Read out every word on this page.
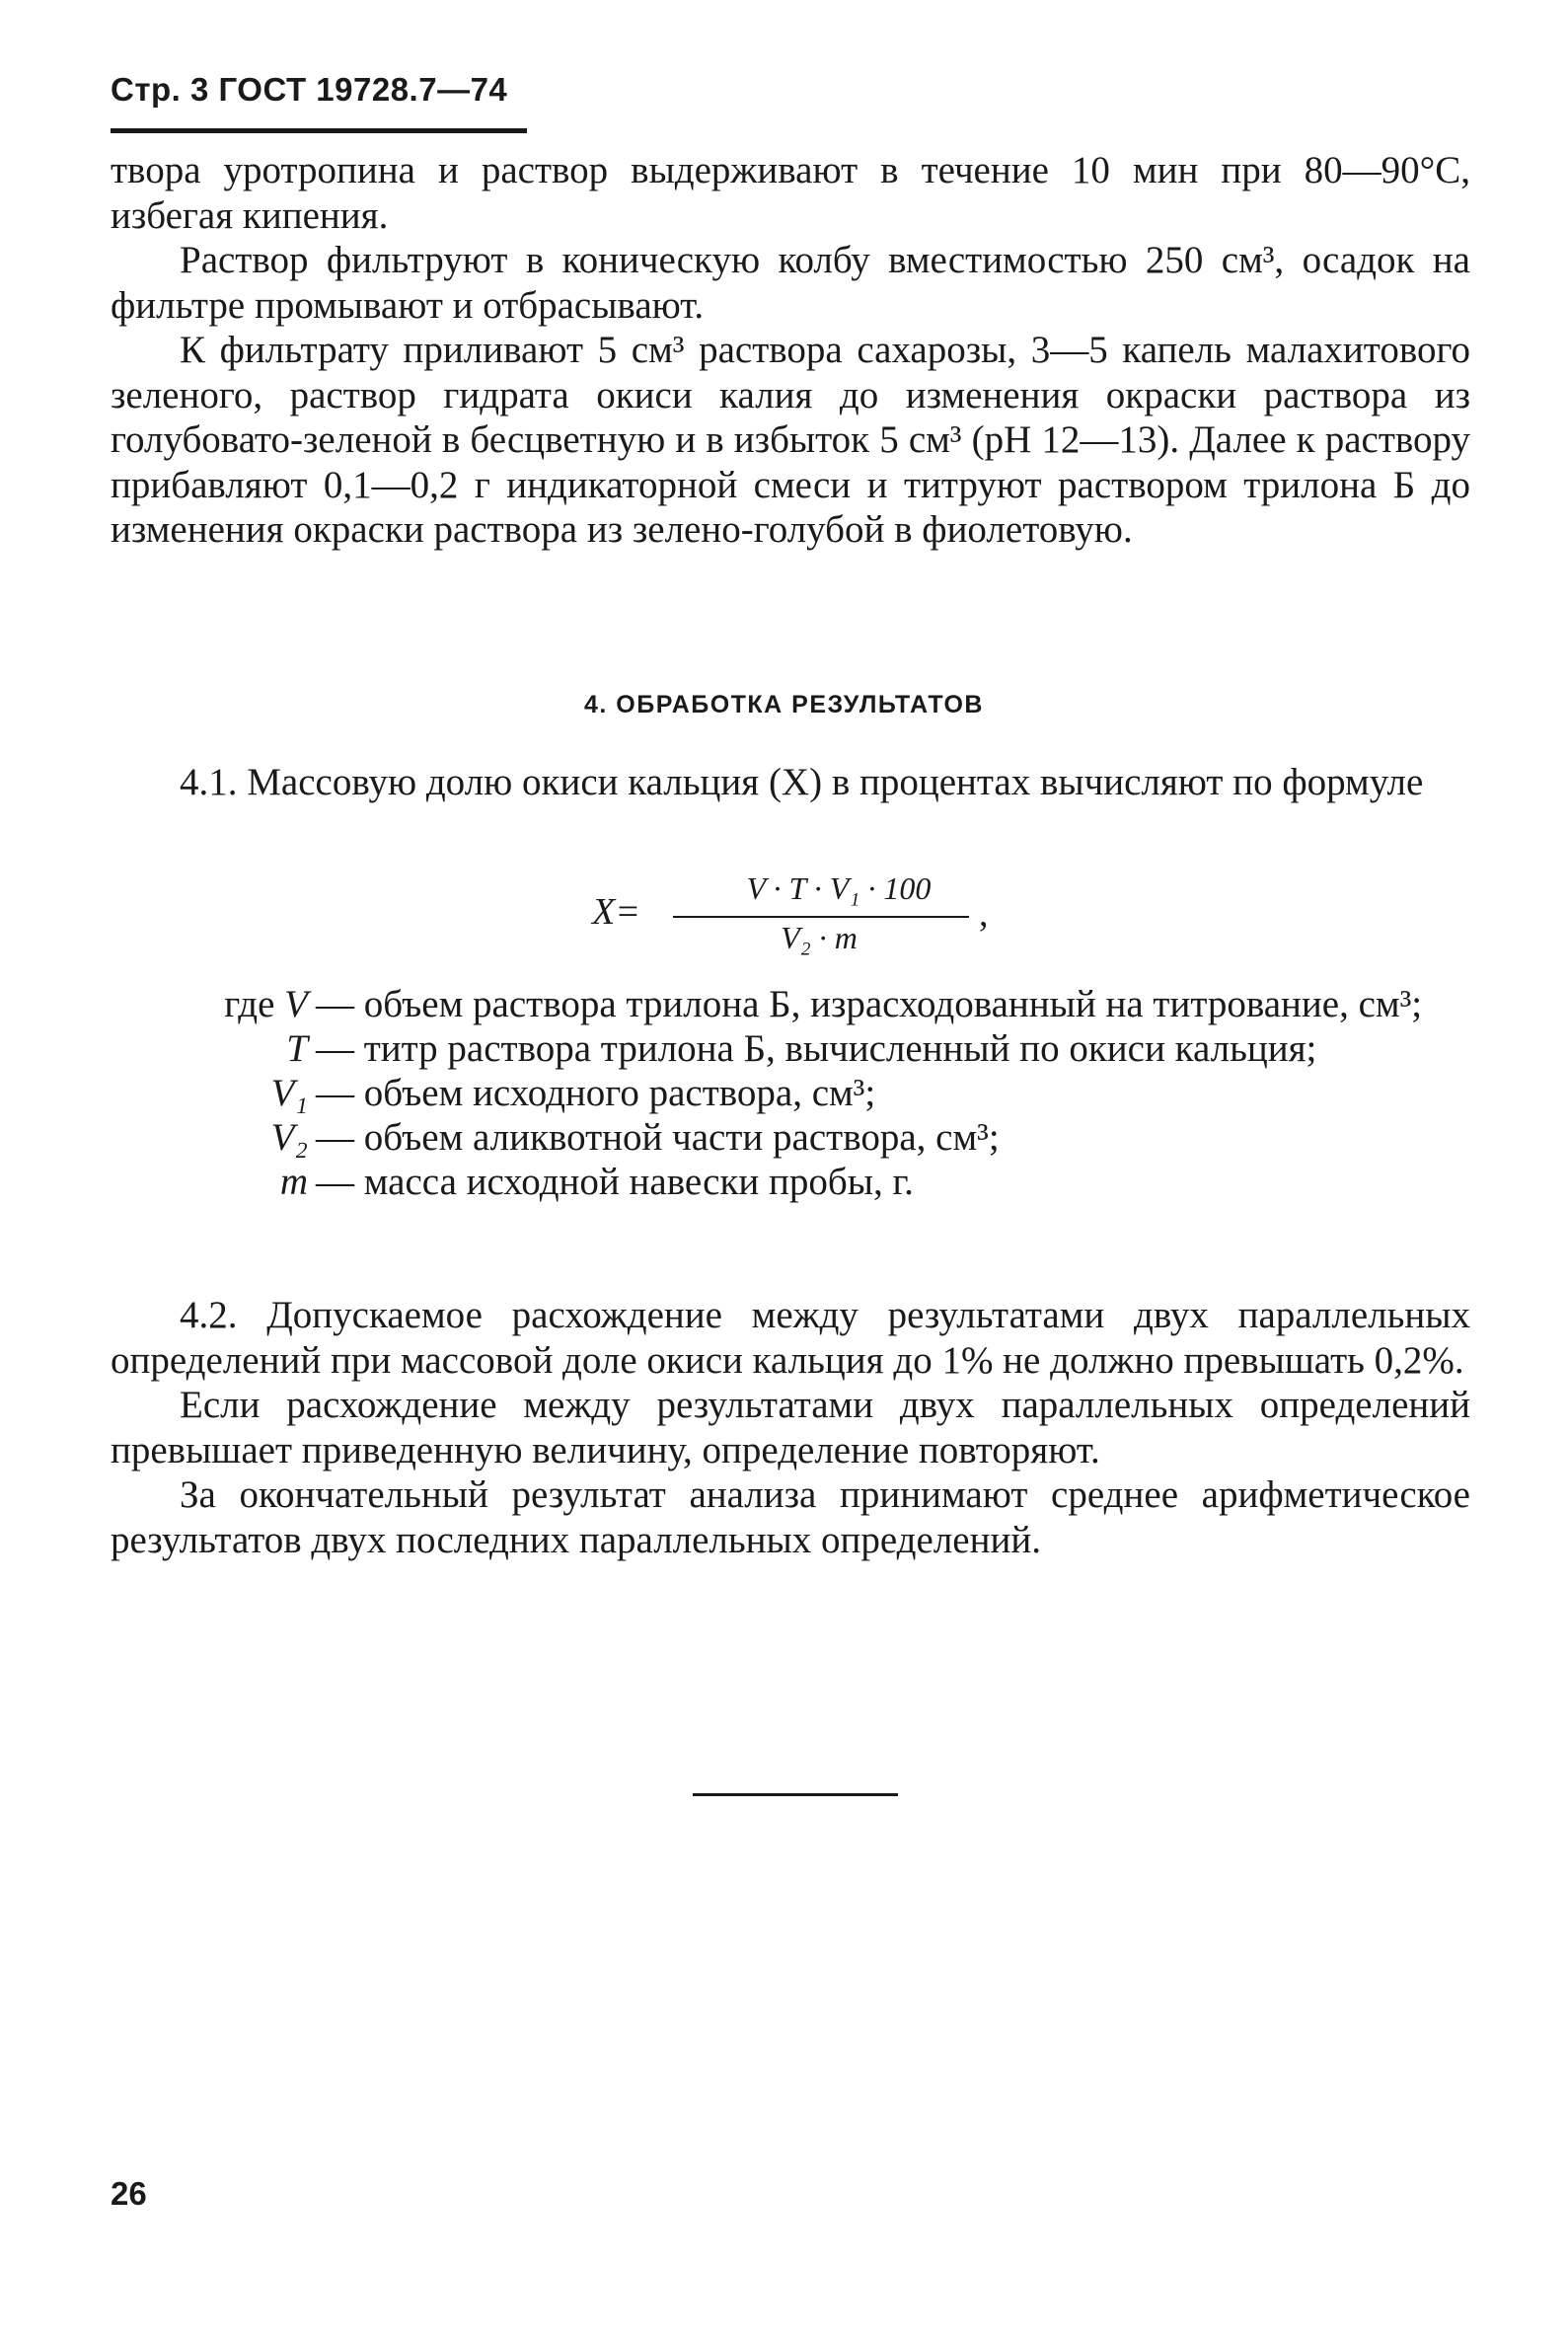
Стр. 3 ГОСТ 19728.7—74

твора уротропина и раствор выдерживают в течение 10 мин при 80—90°С, избегая кипения.

Раствор фильтруют в коническую колбу вместимостью 250 см³, осадок на фильтре промывают и отбрасывают.

К фильтрату приливают 5 см³ раствора сахарозы, 3—5 капель малахитового зеленого, раствор гидрата окиси калия до изменения окраски раствора из голубовато-зеленой в бесцветную и в избыток 5 см³ (рН 12—13). Далее к раствору прибавляют 0,1—0,2 г индикаторной смеси и титруют раствором трилона Б до изменения окраски раствора из зелено-голубой в фиолетовую.

4. ОБРАБОТКА РЕЗУЛЬТАТОВ

4.1. Массовую долю окиси кальция (X) в процентах вычисляют по формуле

X=
V · T · V₁ · 100
V₂ · m
,
где V — объем раствора трилона Б, израсходованный на титрование, см³;
T — титр раствора трилона Б, вычисленный по окиси кальция;
V₁ — объем исходного раствора, см³;
V₂ — объем аликвотной части раствора, см³;
m — масса исходной навески пробы, г.

4.2. Допускаемое расхождение между результатами двух параллельных определений при массовой доле окиси кальция до 1% не должно превышать 0,2%.

Если расхождение между результатами двух параллельных определений превышает приведенную величину, определение повторяют.

За окончательный результат анализа принимают среднее арифметическое результатов двух последних параллельных определений.

26
